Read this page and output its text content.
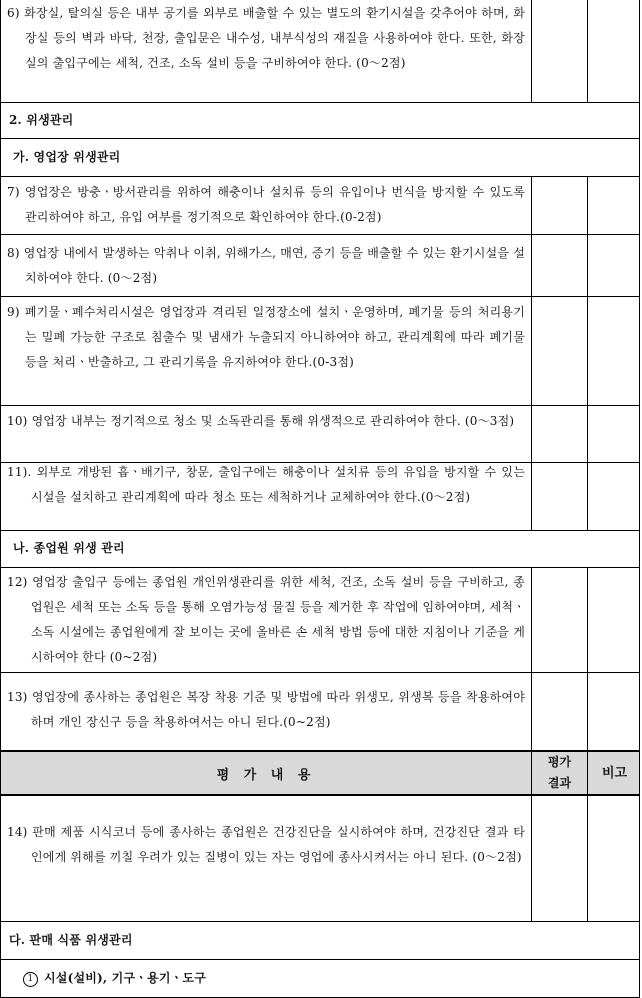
6) 화장실, 탈의실 등은 내부 공기를 외부로 배출할 수 있는 별도의 환기시설을 갖추어야 하며, 화장실 등의 벽과 바닥, 천장, 출입문은 내수성, 내부식성의 재질을 사용하여야 한다. 또한, 화장실의 출입구에는 세척, 건조, 소독 설비 등을 구비하여야 한다. (0～2점)
2. 위생관리
가. 영업장 위생관리
7) 영업장은 방충ㆍ방서관리를 위하여 해충이나 설치류 등의 유입이나 번식을 방지할 수 있도록 관리하여야 하고, 유입 여부를 정기적으로 확인하여야 한다.(0-2점)
8) 영업장 내에서 발생하는 악취나 이취, 위해가스, 매연, 증기 등을 배출할 수 있는 환기시설을 설치하여야 한다. (0～2점)
9) 폐기물ㆍ폐수처리시설은 영업장과 격리된 일정장소에 설치ㆍ운영하며, 폐기물 등의 처리용기는 밀폐 가능한 구조로 침출수 및 냄새가 누출되지 아니하여야 하고, 관리계획에 따라 폐기물 등을 처리ㆍ반출하고, 그 관리기록을 유지하여야 한다.(0-3점)
10) 영업장 내부는 정기적으로 청소 및 소독관리를 통해 위생적으로 관리하여야 한다. (0～3점)
11). 외부로 개방된 흡ㆍ배기구, 창문, 출입구에는 해충이나 설치류 등의 유입을 방지할 수 있는 시설을 설치하고 관리계획에 따라 청소 또는 세척하거나 교체하여야 한다.(0～2점)
나. 종업원 위생 관리
12) 영업장 출입구 등에는 종업원 개인위생관리를 위한 세척, 건조, 소독 설비 등을 구비하고, 종업원은 세척 또는 소독 등을 통해 오염가능성 물질 등을 제거한 후 작업에 임하여야며, 세척ㆍ소독 시설에는 종업원에게 잘 보이는 곳에 올바른 손 세척 방법 등에 대한 지침이나 기준을 게시하여야 한다 (0~2점)
13) 영업장에 종사하는 종업원은 복장 착용 기준 및 방법에 따라 위생모, 위생복 등을 착용하여야 하며 개인 장신구 등을 착용하여서는 아니 된다.(0~2점)
평 가 내 용
평가 결과
비고
14) 판매 제품 시식코너 등에 종사하는 종업원은 건강진단을 실시하여야 하며, 건강진단 결과 타인에게 위해를 끼칠 우려가 있는 질병이 있는 자는 영업에 종사시켜서는 아니 된다. (0～2점)
다. 판매 식품 위생관리
1 시설(설비), 기구ㆍ용기ㆍ도구
